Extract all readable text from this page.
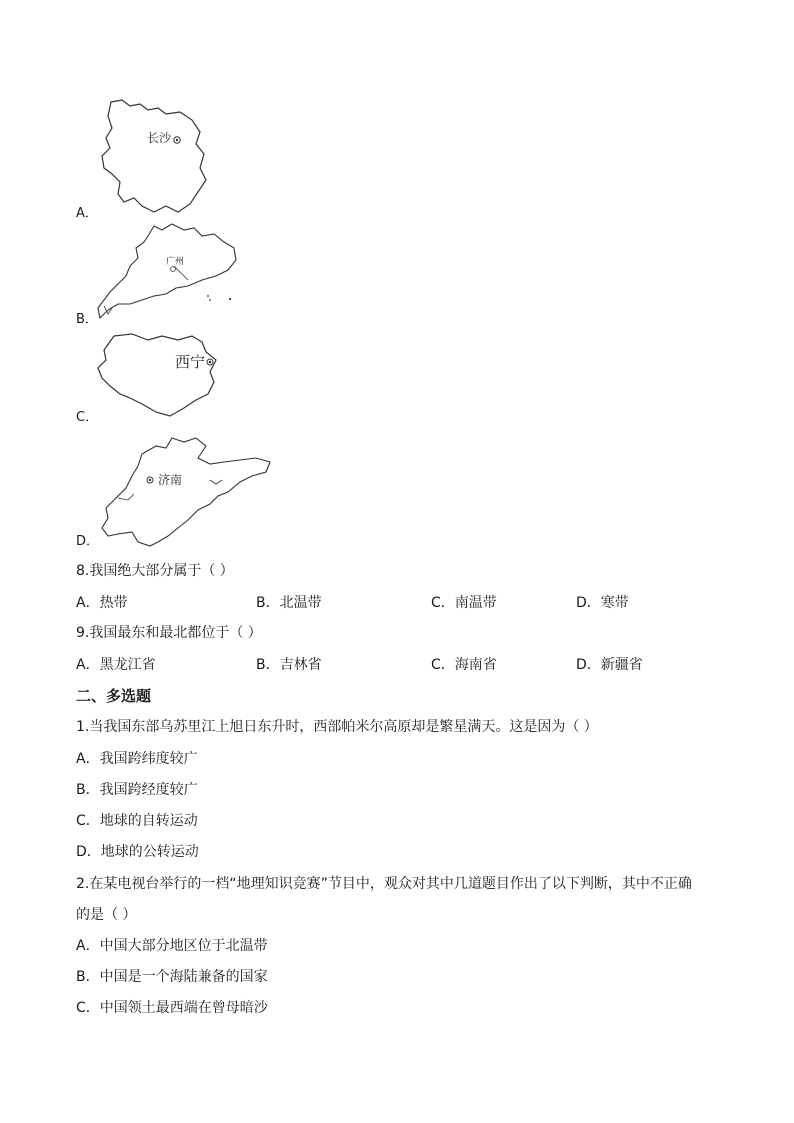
长沙
A．
广州
B．
西宁
C．
济南
D．
8.我国绝大部分属于（ ）
A．热带	B．北温带	C．南温带	D．寒带
9.我国最东和最北都位于（ ）
A．黑龙江省	B．吉林省	C．海南省	D．新疆省
二、多选题
1.当我国东部乌苏里江上旭日东升时，西部帕米尔高原却是繁星满天。这是因为（ ）
A．我国跨纬度较广
B．我国跨经度较广
C．地球的自转运动
D．地球的公转运动
2.在某电视台举行的一档“地理知识竞赛”节目中，观众对其中几道题目作出了以下判断，其中不正确
的是（ ）
A．中国大部分地区位于北温带
B．中国是一个海陆兼备的国家
C．中国领土最西端在曾母暗沙
